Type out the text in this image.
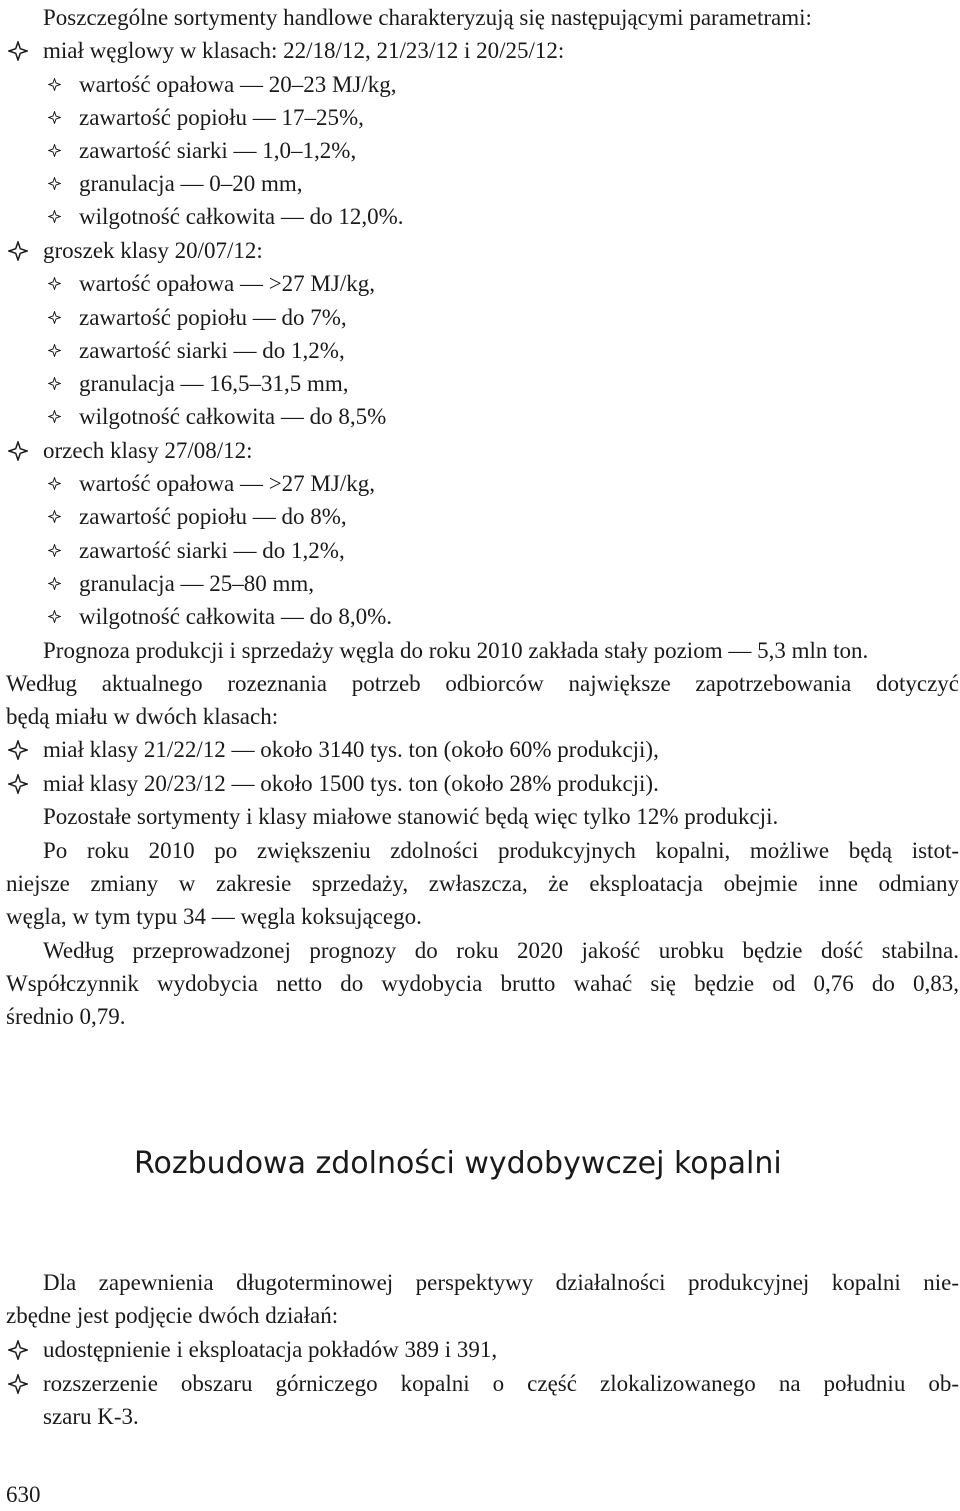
Poszczególne sortymenty handlowe charakteryzują się następującymi parametrami:
miał węglowy w klasach: 22/18/12, 21/23/12 i 20/25/12:
wartość opałowa — 20–23 MJ/kg,
zawartość popiołu — 17–25%,
zawartość siarki — 1,0–1,2%,
granulacja — 0–20 mm,
wilgotność całkowita — do 12,0%.
groszek klasy 20/07/12:
wartość opałowa — >27 MJ/kg,
zawartość popiołu — do 7%,
zawartość siarki — do 1,2%,
granulacja — 16,5–31,5 mm,
wilgotność całkowita — do 8,5%
orzech klasy 27/08/12:
wartość opałowa — >27 MJ/kg,
zawartość popiołu — do 8%,
zawartość siarki — do 1,2%,
granulacja — 25–80 mm,
wilgotność całkowita — do 8,0%.
Prognoza produkcji i sprzedaży węgla do roku 2010 zakłada stały poziom — 5,3 mln ton.
Według aktualnego rozeznania potrzeb odbiorców największe zapotrzebowania dotyczyć
będą miału w dwóch klasach:
miał klasy 21/22/12 — około 3140 tys. ton (około 60% produkcji),
miał klasy 20/23/12 — około 1500 tys. ton (około 28% produkcji).
Pozostałe sortymenty i klasy miałowe stanowić będą więc tylko 12% produkcji.
Po roku 2010 po zwiększeniu zdolności produkcyjnych kopalni, możliwe będą istot-
niejsze zmiany w zakresie sprzedaży, zwłaszcza, że eksploatacja obejmie inne odmiany
węgla, w tym typu 34 — węgla koksującego.
Według przeprowadzonej prognozy do roku 2020 jakość urobku będzie dość stabilna.
Współczynnik wydobycia netto do wydobycia brutto wahać się będzie od 0,76 do 0,83,
średnio 0,79.
Rozbudowa zdolności wydobywczej kopalni
Dla zapewnienia długoterminowej perspektywy działalności produkcyjnej kopalni nie-
zbędne jest podjęcie dwóch działań:
udostępnienie i eksploatacja pokładów 389 i 391,
rozszerzenie obszaru górniczego kopalni o część zlokalizowanego na południu ob-
szaru K-3.
630
